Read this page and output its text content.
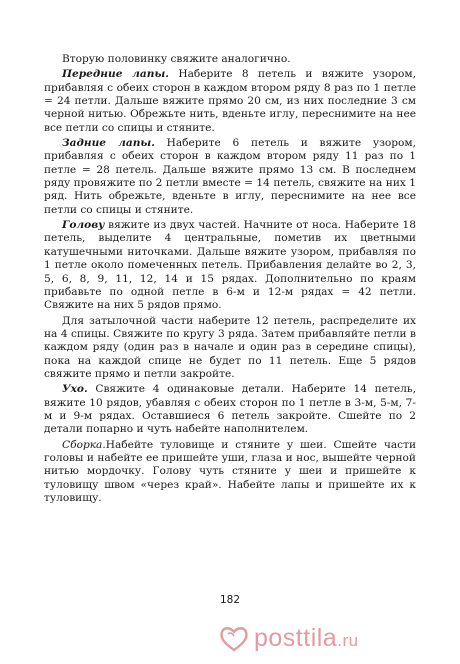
Вторую половинку свяжите аналогично.

Передние лапы. Наберите 8 петель и вяжите узором, прибавляя с обеих сторон в каждом втором ряду 8 раз по 1 петле = 24 петли. Дальше вяжите прямо 20 см, из них последние 3 см черной нитью. Обрежьте нить, вденьте иглу, переснимите на нее все петли со спицы и стяните.

Задние лапы. Наберите 6 петель и вяжите узором, прибавляя с обеих сторон в каждом втором ряду 11 раз по 1 петле = 28 петель. Дальше вяжите прямо 13 см. В последнем ряду провяжите по 2 петли вместе = 14 петель, свяжите на них 1 ряд. Нить обрежьте, вденьте в иглу, переснимите на нее все петли со спицы и стяните.

Голову вяжите из двух частей. Начните от носа. Наберите 18 петель, выделите 4 центральные, пометив их цветными катушечными ниточками. Дальше вяжите узором, прибавляя по 1 петле около помеченных петель. Прибавления делайте во 2, 3, 5, 6, 8, 9, 11, 12, 14 и 15 рядах. Дополнительно по краям прибавьте по одной петле в 6-м и 12-м рядах = 42 петли. Свяжите на них 5 рядов прямо.

Для затылочной части наберите 12 петель, распределите их на 4 спицы. Свяжите по кругу 3 ряда. Затем прибавляйте петли в каждом ряду (один раз в начале и один раз в середине спицы), пока на каждой спице не будет по 11 петель. Еще 5 рядов свяжите прямо и петли закройте.

Ухо. Свяжите 4 одинаковые детали. Наберите 14 петель, вяжите 10 рядов, убавляя с обеих сторон по 1 петле в 3-м, 5-м, 7-м и 9-м рядах. Оставшиеся 6 петель закройте. Сшейте по 2 детали попарно и чуть набейте наполнителем.

Сборка.Набейте туловище и стяните у шеи. Сшейте части головы и набейте ее пришейте уши, глаза и нос, вышейте черной нитью мордочку. Голову чуть стяните у шеи и пришейте к туловищу швом «через край». Набейте лапы и пришейте их к туловищу.

182
posttila.ru
